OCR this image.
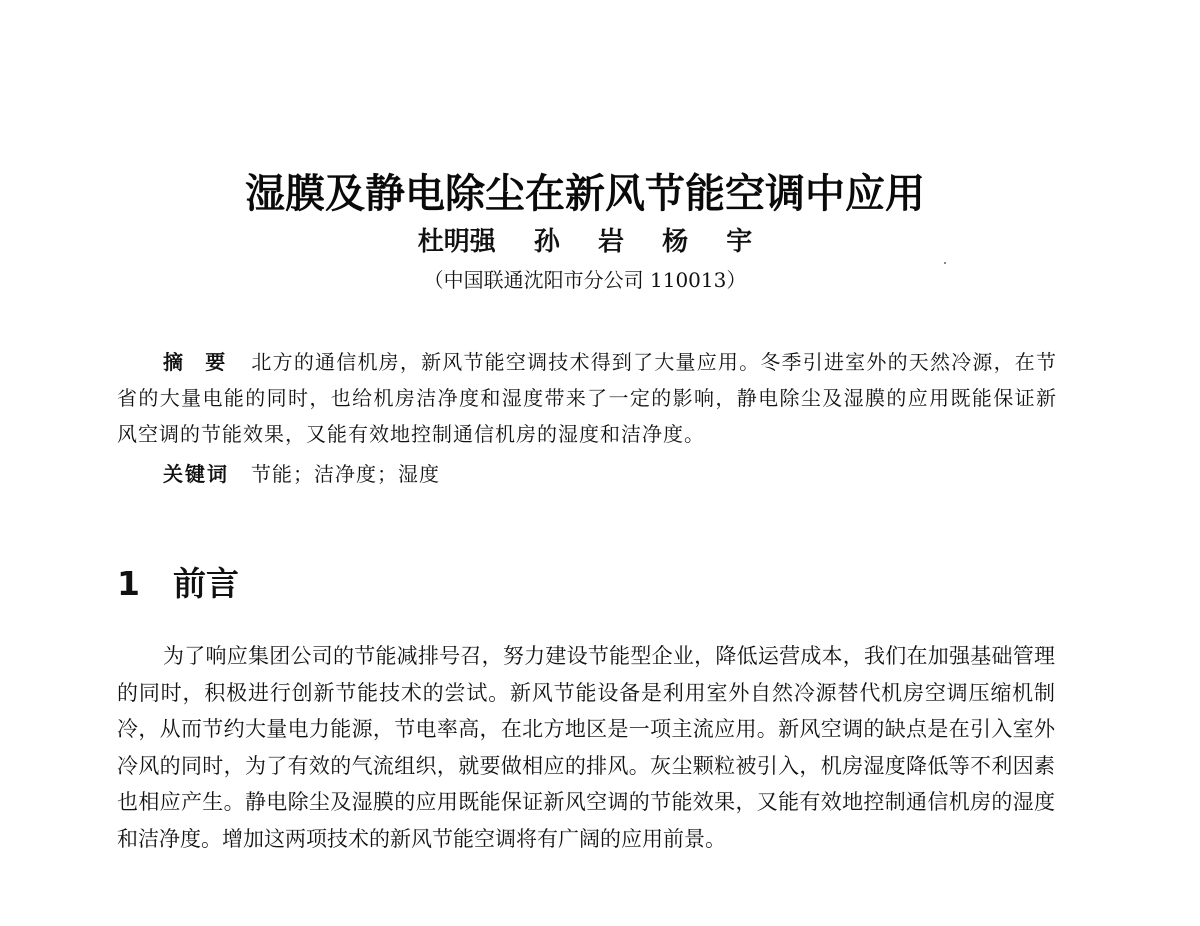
湿膜及静电除尘在新风节能空调中应用
杜明强  孙  岩  杨  宇
（中国联通沈阳市分公司 110013）
摘要 北方的通信机房，新风节能空调技术得到了大量应用。冬季引进室外的天然冷源，在节省的大量电能的同时，也给机房洁净度和湿度带来了一定的影响，静电除尘及湿膜的应用既能保证新风空调的节能效果，又能有效地控制通信机房的湿度和洁净度。
关键词 节能；洁净度；湿度
1 前言
为了响应集团公司的节能减排号召，努力建设节能型企业，降低运营成本，我们在加强基础管理的同时，积极进行创新节能技术的尝试。新风节能设备是利用室外自然冷源替代机房空调压缩机制冷，从而节约大量电力能源，节电率高，在北方地区是一项主流应用。新风空调的缺点是在引入室外冷风的同时，为了有效的气流组织，就要做相应的排风。灰尘颗粒被引入，机房湿度降低等不利因素也相应产生。静电除尘及湿膜的应用既能保证新风空调的节能效果，又能有效地控制通信机房的湿度和洁净度。增加这两项技术的新风节能空调将有广阔的应用前景。
